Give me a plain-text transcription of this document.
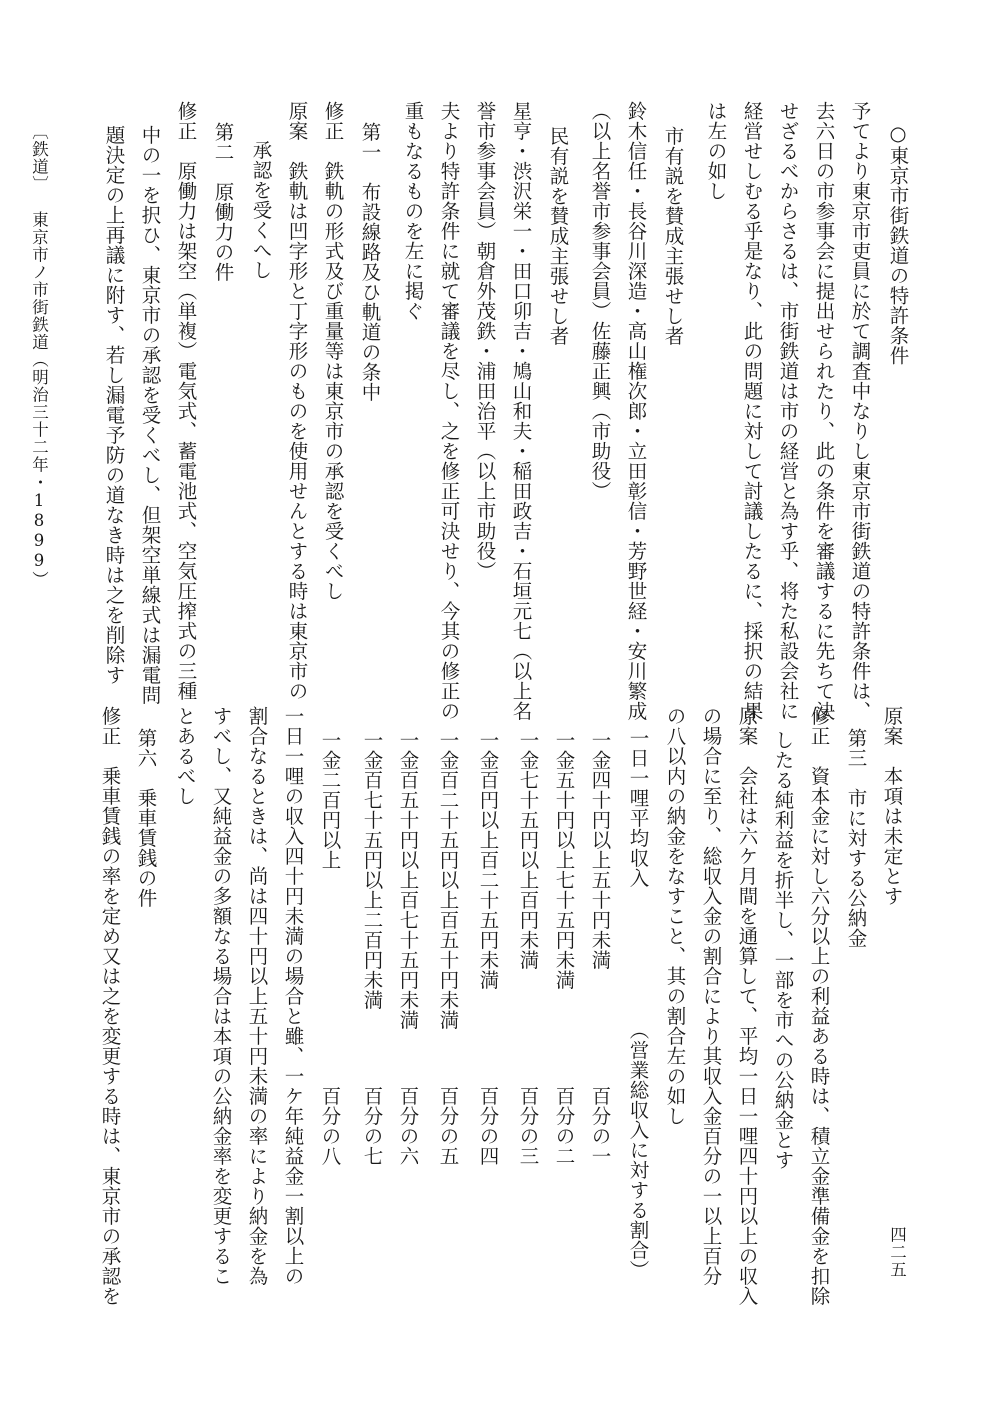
○東京市街鉄道の特許条件
予てより東京市吏員に於て調査中なりし東京市街鉄道の特許条件は、
去六日の市参事会に提出せられたり、此の条件を審議するに先ちて決
せざるべからさるは、市街鉄道は市の経営と為す乎、将た私設会社に
経営せしむる乎是なり、此の問題に対して討議したるに、採択の結果
は左の如し
市有説を賛成主張せし者
鈴木信任・長谷川深造・高山権次郎・立田彰信・芳野世経・安川繁成
（以上名誉市参事会員）佐藤正興（市助役）
民有説を賛成主張せし者
星亨・渋沢栄一・田口卯吉・鳩山和夫・稲田政吉・石垣元七（以上名
誉市参事会員）朝倉外茂鉄・浦田治平（以上市助役）
夫より特許条件に就て審議を尽し、之を修正可決せり、今其の修正の
重もなるものを左に掲ぐ
第一　布設線路及ひ軌道の条中
修正　鉄軌の形式及び重量等は東京市の承認を受くべし
原案　鉄軌は凹字形と丁字形のものを使用せんとする時は東京市の
承認を受くへし
第二　原働力の件
修正　原働力は架空（単複）電気式、蓄電池式、空気圧搾式の三種
中の一を択ひ、東京市の承認を受くべし、但架空単線式は漏電問
題決定の上再議に附す、若し漏電予防の道なき時は之を削除す
〔鉄道〕
東京市ノ市街鉄道（明治三十二年・1899）
原案　本項は未定とす
第三　市に対する公納金
修正　資本金に対し六分以上の利益ある時は、積立金準備金を扣除
したる純利益を折半し、一部を市への公納金とす
原案　会社は六ケ月間を通算して、平均一日一哩四十円以上の収入
の場合に至り、総収入金の割合により其収入金百分の一以上百分
の八以内の納金をなすこと、其の割合左の如し
一日一哩平均収入
（営業総収入に対する割合）
一金四十円以上五十円未満
百分の一
一金五十円以上七十五円未満
百分の二
一金七十五円以上百円未満
百分の三
一金百円以上百二十五円未満
百分の四
一金百二十五円以上百五十円未満
百分の五
一金百五十円以上百七十五円未満
百分の六
一金百七十五円以上二百円未満
百分の七
一金二百円以上
百分の八
一日一哩の収入四十円未満の場合と雖、一ケ年純益金一割以上の
割合なるときは、尚は四十円以上五十円未満の率により納金を為
すべし、又純益金の多額なる場合は本項の公納金率を変更するこ
とあるべし
第六　乗車賃銭の件
修正　乗車賃銭の率を定め又は之を変更する時は、東京市の承認を	四二五
